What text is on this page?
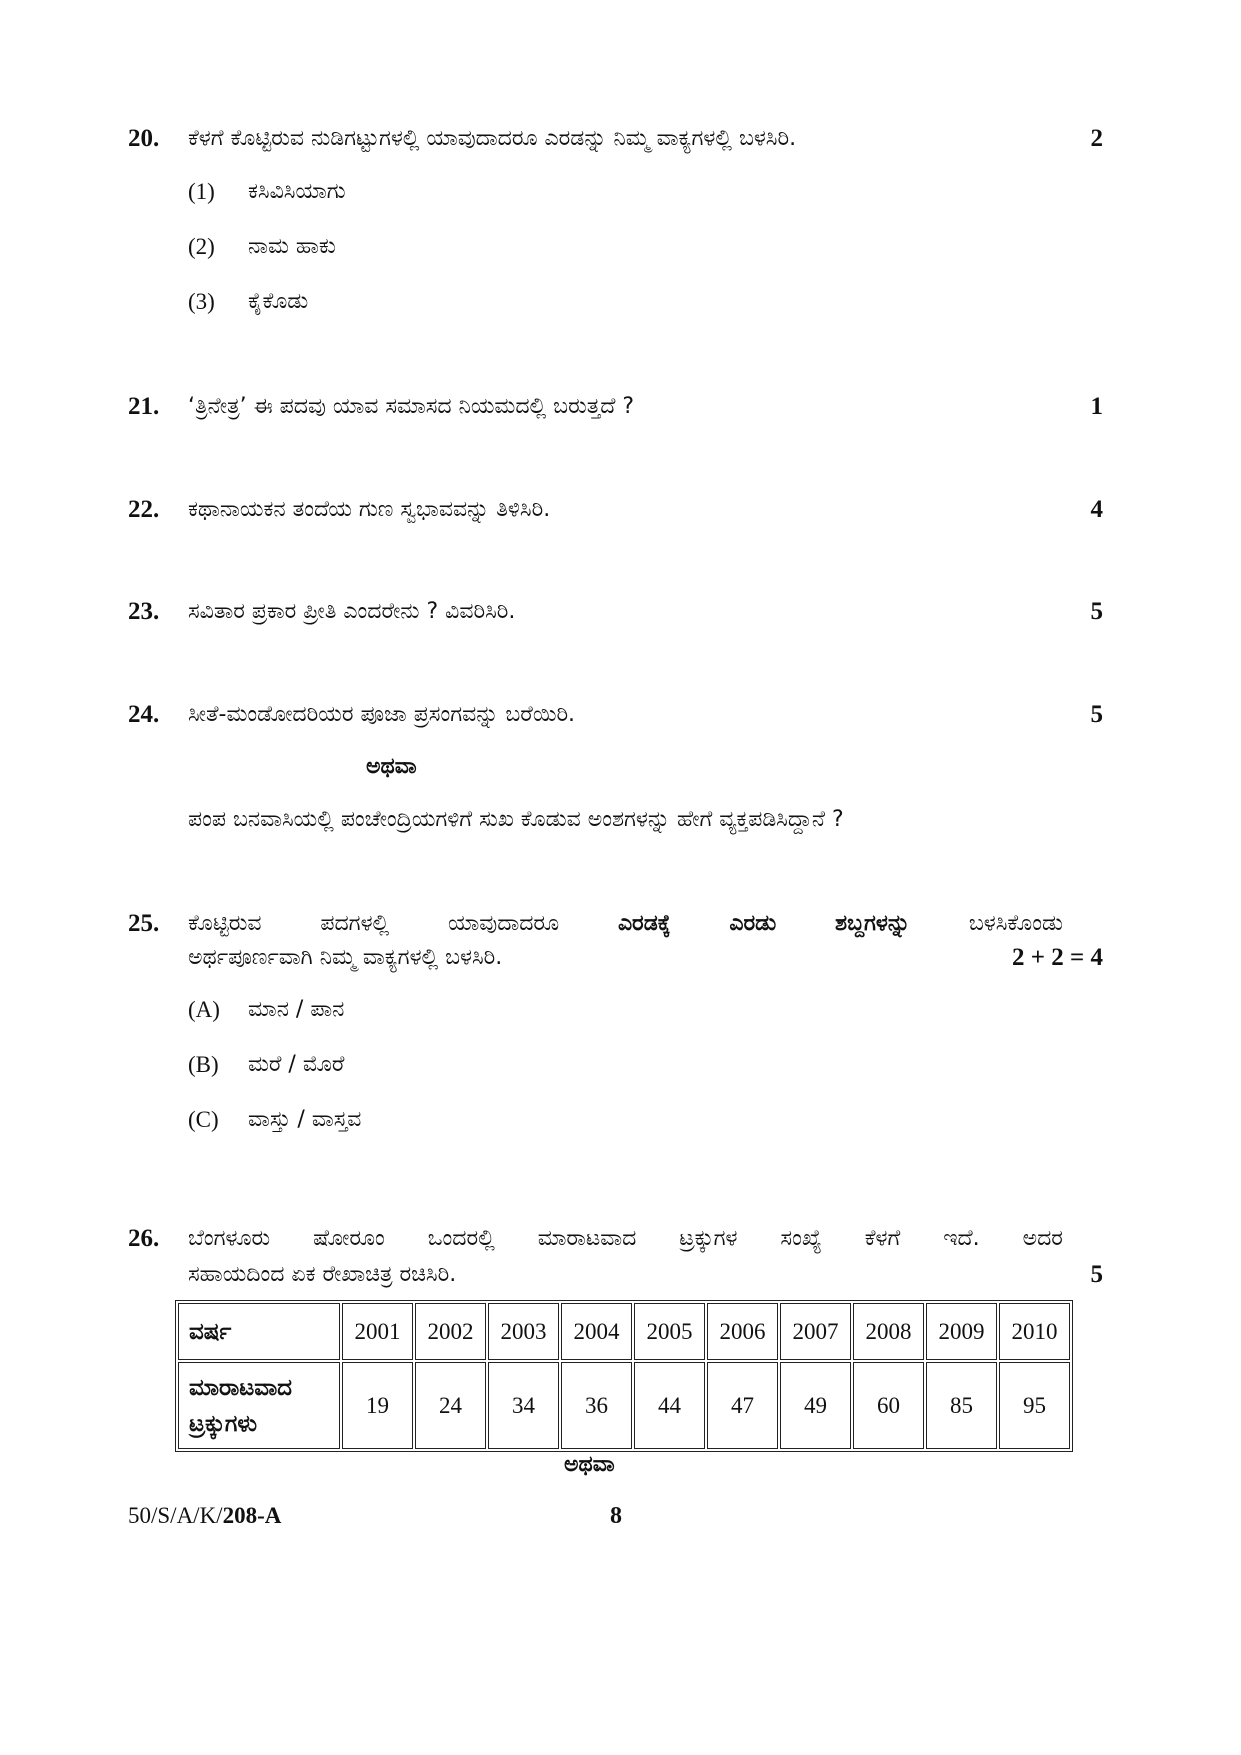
20. ಕೆಳಗೆ ಕೊಟ್ಟಿರುವ ನುಡಿಗಟ್ಟುಗಳಲ್ಲಿ ಯಾವುದಾದರೂ ಎರಡನ್ನು ನಿಮ್ಮ ವಾಕ್ಯಗಳಲ್ಲಿ ಬಳಸಿರಿ.	2
(1) ಕಸಿವಿಸಿಯಾಗು
(2) ನಾಮ ಹಾಕು
(3) ಕೈಕೊಡು
21. ‘ತ್ರಿನೇತ್ರ’ ಈ ಪದವು ಯಾವ ಸಮಾಸದ ನಿಯಮದಲ್ಲಿ ಬರುತ್ತದೆ ?	1
22. ಕಥಾನಾಯಕನ ತಂದೆಯ ಗುಣ ಸ್ವಭಾವವನ್ನು ತಿಳಿಸಿರಿ.	4
23. ಸವಿತಾರ ಪ್ರಕಾರ ಪ್ರೀತಿ ಎಂದರೇನು ? ವಿವರಿಸಿರಿ.	5
24. ಸೀತೆ-ಮಂಡೋದರಿಯರ ಪೂಜಾ ಪ್ರಸಂಗವನ್ನು ಬರೆಯಿರಿ.	5
ಅಥವಾ
ಪಂಪ ಬನವಾಸಿಯಲ್ಲಿ ಪಂಚೇಂದ್ರಿಯಗಳಿಗೆ ಸುಖ ಕೊಡುವ ಅಂಶಗಳನ್ನು ಹೇಗೆ ವ್ಯಕ್ತಪಡಿಸಿದ್ದಾನೆ ?
25. ಕೊಟ್ಟಿರುವ	ಪದಗಳಲ್ಲಿ	ಯಾವುದಾದರೂ	ಎರಡಕ್ಕೆ	ಎರಡು	ಶಬ್ದಗಳನ್ನು	ಬಳಸಿಕೊಂಡು
ಅರ್ಥಪೂರ್ಣವಾಗಿ ನಿಮ್ಮ ವಾಕ್ಯಗಳಲ್ಲಿ ಬಳಸಿರಿ.	2 + 2 = 4
(A) ಮಾನ / ಪಾನ
(B) ಮರೆ / ಮೊರೆ
(C) ವಾಸ್ತು / ವಾಸ್ತವ
26. ಬೆಂಗಳೂರು ಷೋರೂಂ ಒಂದರಲ್ಲಿ ಮಾರಾಟವಾದ ಟ್ರಕ್ಕುಗಳ ಸಂಖ್ಯೆ ಕೆಳಗೆ ಇದೆ. ಅದರ
ಸಹಾಯದಿಂದ ಏಕ ರೇಖಾಚಿತ್ರ ರಚಿಸಿರಿ.	5
ವರ್ಷ	2001	2002	2003	2004	2005	2006	2007	2008	2009	2010

ಮಾರಾಟವಾದ
ಟ್ರಕ್ಕುಗಳು	19	24	34	36	44	47	49	60	85	95
ಅಥವಾ
50/S/A/K/208-A	8
